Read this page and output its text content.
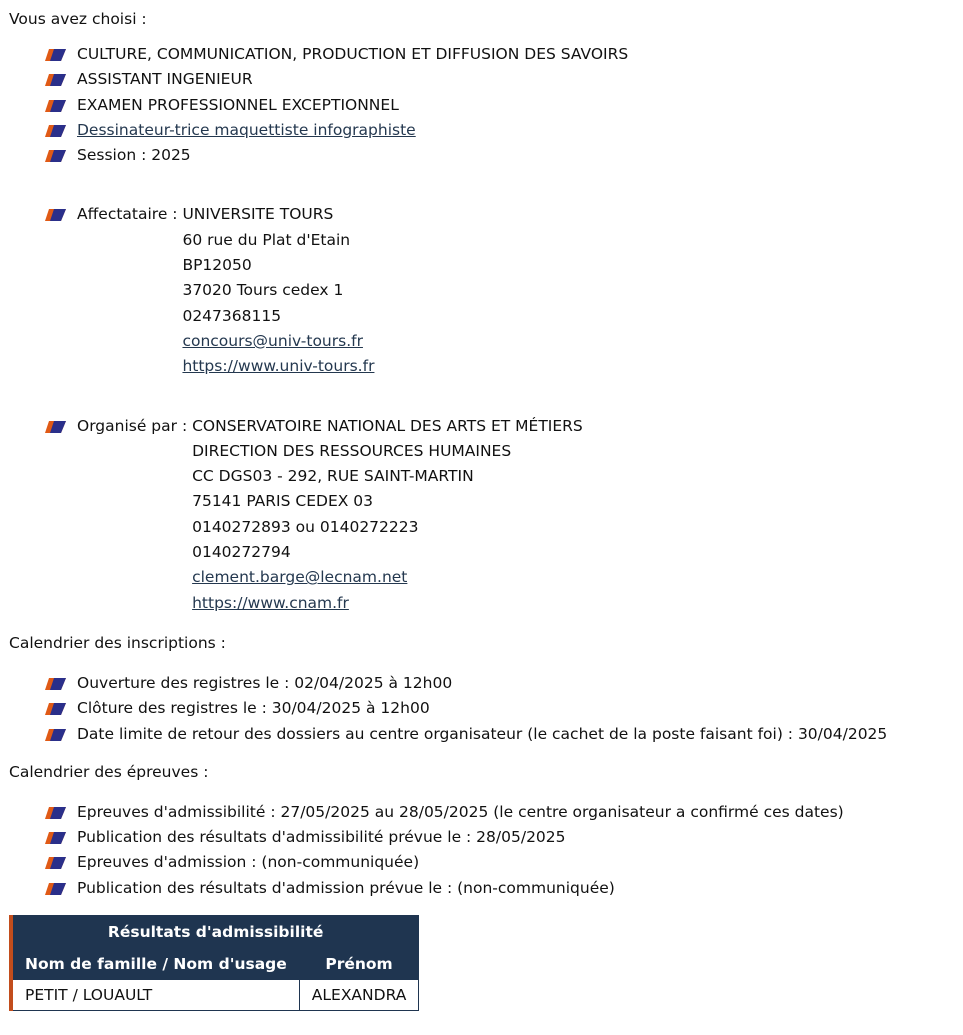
Vous avez choisi :
CULTURE, COMMUNICATION, PRODUCTION ET DIFFUSION DES SAVOIRS
ASSISTANT INGENIEUR
EXAMEN PROFESSIONNEL EXCEPTIONNEL
Dessinateur-trice maquettiste infographiste
Session : 2025
Affectataire : UNIVERSITE TOURS
60 rue du Plat d'Etain
BP12050
37020 Tours cedex 1
0247368115
concours@univ-tours.fr
https://www.univ-tours.fr
Organisé par : CONSERVATOIRE NATIONAL DES ARTS ET MÉTIERS
DIRECTION DES RESSOURCES HUMAINES
CC DGS03 - 292, RUE SAINT-MARTIN
75141 PARIS CEDEX 03
0140272893 ou 0140272223
0140272794
clement.barge@lecnam.net
https://www.cnam.fr
Calendrier des inscriptions :
Ouverture des registres le : 02/04/2025 à 12h00
Clôture des registres le : 30/04/2025 à 12h00
Date limite de retour des dossiers au centre organisateur (le cachet de la poste faisant foi) : 30/04/2025
Calendrier des épreuves :
Epreuves d'admissibilité : 27/05/2025 au 28/05/2025 (le centre organisateur a confirmé ces dates)
Publication des résultats d'admissibilité prévue le : 28/05/2025
Epreuves d'admission : (non-communiquée)
Publication des résultats d'admission prévue le : (non-communiquée)
Résultats d'admissibilité	
Nom de famille / Nom d'usage	Prénom
PETIT / LOUAULT	ALEXANDRA
